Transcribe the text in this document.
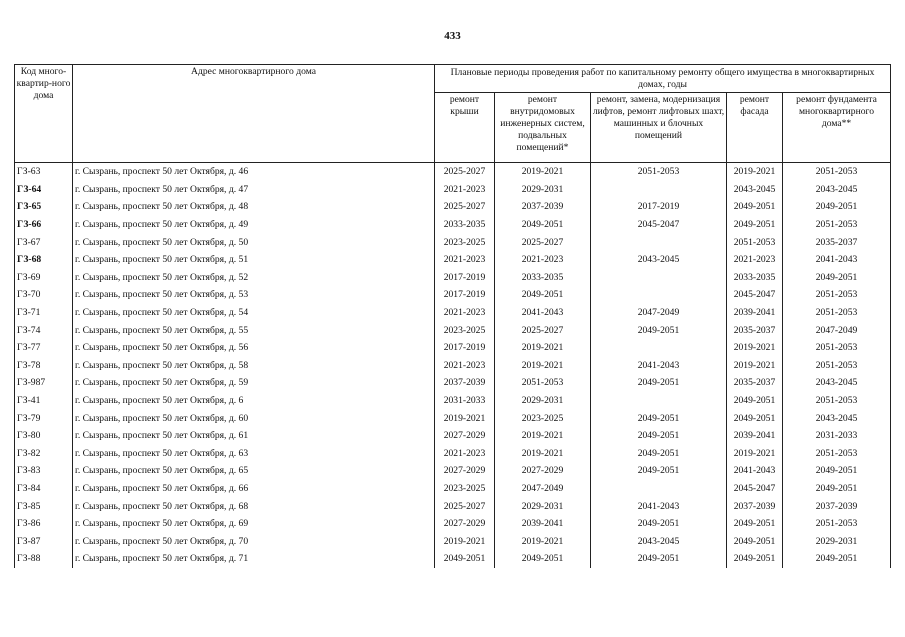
433
Код много-квартир-ного дома	Адрес многоквартирного дома	Плановые периоды проведения работ по капитальному ремонту общего имущества в многоквартирных домах, годы				
		ремонт крыши	ремонт внутридомовых инженерных систем, подвальных помещений*	ремонт, замена, модернизация лифтов, ремонт лифтовых шахт, машинных и блочных помещений	ремонт фасада	ремонт фундамента многоквартирного дома**
ГЗ-63	г. Сызрань, проспект 50 лет Октября, д. 46	2025-2027	2019-2021	2051-2053	2019-2021	2051-2053
ГЗ-64	г. Сызрань, проспект 50 лет Октября, д. 47	2021-2023	2029-2031		2043-2045	2043-2045
ГЗ-65	г. Сызрань, проспект 50 лет Октября, д. 48	2025-2027	2037-2039	2017-2019	2049-2051	2049-2051
ГЗ-66	г. Сызрань, проспект 50 лет Октября, д. 49	2033-2035	2049-2051	2045-2047	2049-2051	2051-2053
ГЗ-67	г. Сызрань, проспект 50 лет Октября, д. 50	2023-2025	2025-2027		2051-2053	2035-2037
ГЗ-68	г. Сызрань, проспект 50 лет Октября, д. 51	2021-2023	2021-2023	2043-2045	2021-2023	2041-2043
ГЗ-69	г. Сызрань, проспект 50 лет Октября, д. 52	2017-2019	2033-2035		2033-2035	2049-2051
ГЗ-70	г. Сызрань, проспект 50 лет Октября, д. 53	2017-2019	2049-2051		2045-2047	2051-2053
ГЗ-71	г. Сызрань, проспект 50 лет Октября, д. 54	2021-2023	2041-2043	2047-2049	2039-2041	2051-2053
ГЗ-74	г. Сызрань, проспект 50 лет Октября, д. 55	2023-2025	2025-2027	2049-2051	2035-2037	2047-2049
ГЗ-77	г. Сызрань, проспект 50 лет Октября, д. 56	2017-2019	2019-2021		2019-2021	2051-2053
ГЗ-78	г. Сызрань, проспект 50 лет Октября, д. 58	2021-2023	2019-2021	2041-2043	2019-2021	2051-2053
ГЗ-987	г. Сызрань, проспект 50 лет Октября, д. 59	2037-2039	2051-2053	2049-2051	2035-2037	2043-2045
ГЗ-41	г. Сызрань, проспект 50 лет Октября, д. 6	2031-2033	2029-2031		2049-2051	2051-2053
ГЗ-79	г. Сызрань, проспект 50 лет Октября, д. 60	2019-2021	2023-2025	2049-2051	2049-2051	2043-2045
ГЗ-80	г. Сызрань, проспект 50 лет Октября, д. 61	2027-2029	2019-2021	2049-2051	2039-2041	2031-2033
ГЗ-82	г. Сызрань, проспект 50 лет Октября, д. 63	2021-2023	2019-2021	2049-2051	2019-2021	2051-2053
ГЗ-83	г. Сызрань, проспект 50 лет Октября, д. 65	2027-2029	2027-2029	2049-2051	2041-2043	2049-2051
ГЗ-84	г. Сызрань, проспект 50 лет Октября, д. 66	2023-2025	2047-2049		2045-2047	2049-2051
ГЗ-85	г. Сызрань, проспект 50 лет Октября, д. 68	2025-2027	2029-2031	2041-2043	2037-2039	2037-2039
ГЗ-86	г. Сызрань, проспект 50 лет Октября, д. 69	2027-2029	2039-2041	2049-2051	2049-2051	2051-2053
ГЗ-87	г. Сызрань, проспект 50 лет Октября, д. 70	2019-2021	2019-2021	2043-2045	2049-2051	2029-2031
ГЗ-88	г. Сызрань, проспект 50 лет Октября, д. 71	2049-2051	2049-2051	2049-2051	2049-2051	2049-2051
